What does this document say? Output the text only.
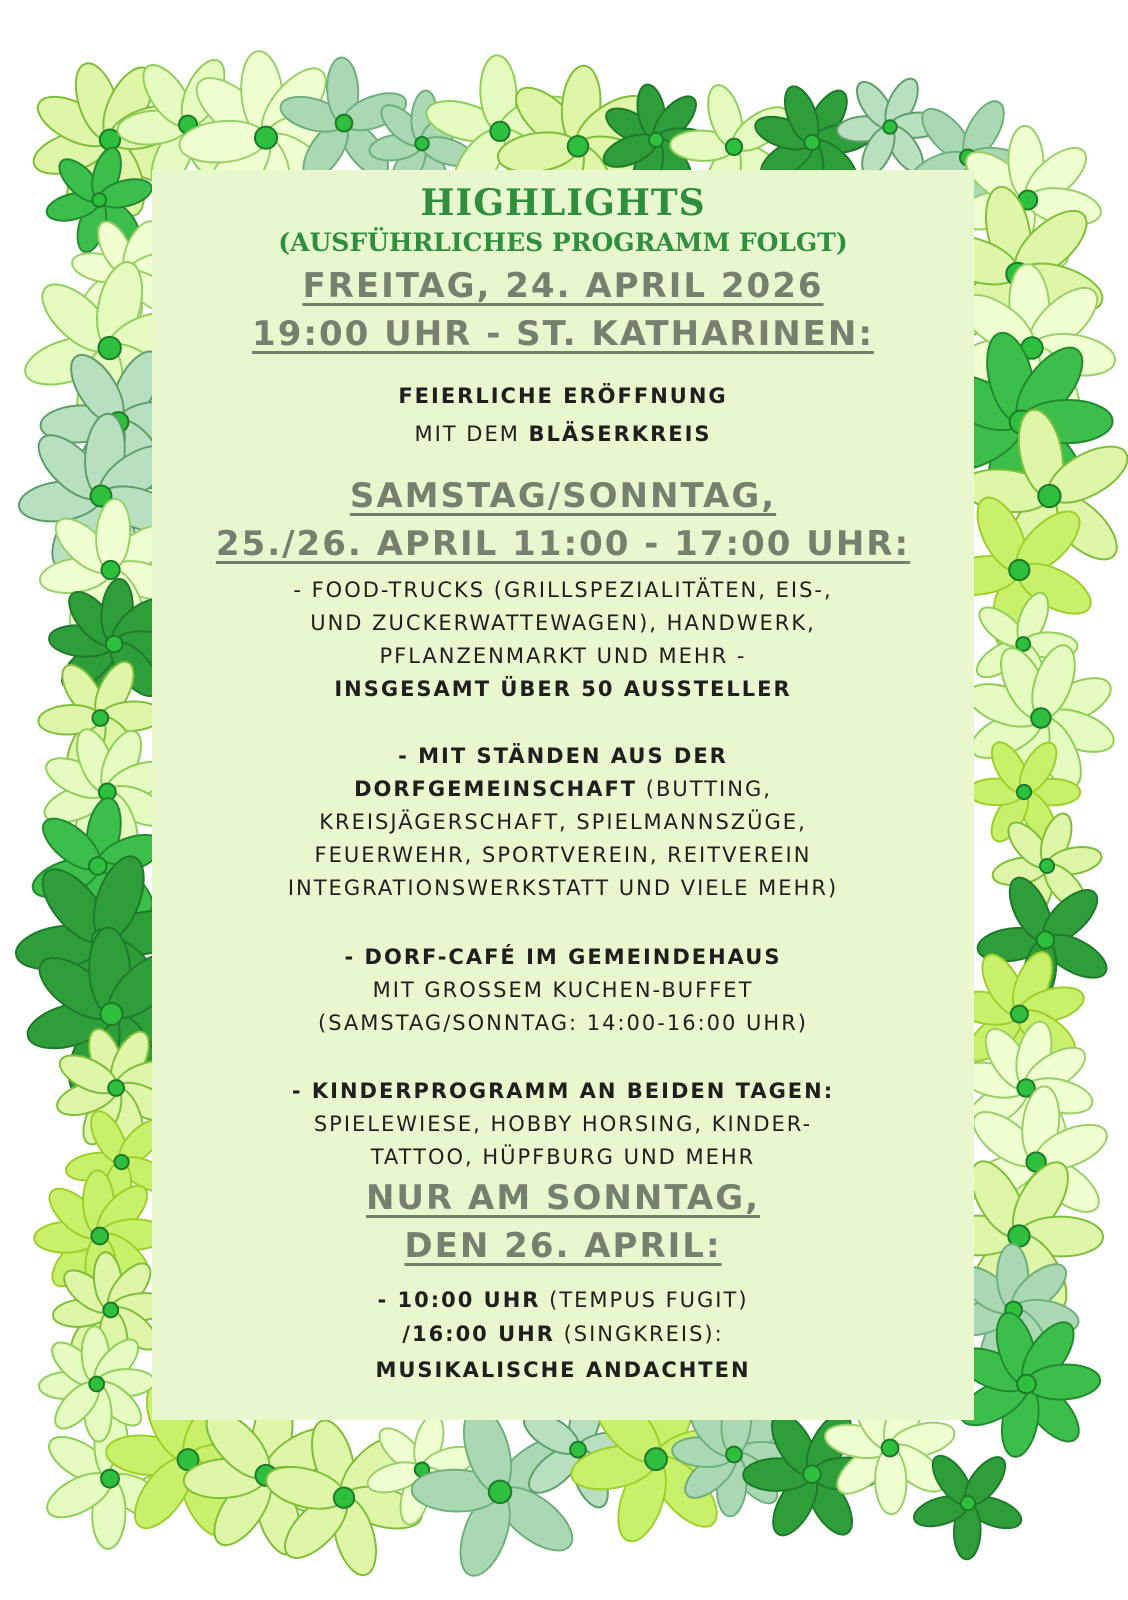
HIGHLIGHTS
(AUSFÜHRLICHES PROGRAMM FOLGT)
FREITAG, 24. APRIL 2026
19:00 UHR - ST. KATHARINEN:
FEIERLICHE ERÖFFNUNG
MIT DEM BLÄSERKREIS
SAMSTAG/SONNTAG,
25./26. APRIL 11:00 - 17:00 UHR:
- FOOD-TRUCKS (GRILLSPEZIALITÄTEN, EIS-,
UND ZUCKERWATTEWAGEN), HANDWERK,
PFLANZENMARKT UND MEHR -
INSGESAMT ÜBER 50 AUSSTELLER
- MIT STÄNDEN AUS DER
DORFGEMEINSCHAFT (BUTTING,
KREISJÄGERSCHAFT, SPIELMANNSZÜGE,
FEUERWEHR, SPORTVEREIN, REITVEREIN
INTEGRATIONSWERKSTATT UND VIELE MEHR)
- DORF-CAFÉ IM GEMEINDEHAUS
MIT GROSSEM KUCHEN-BUFFET
(SAMSTAG/SONNTAG: 14:00-16:00 UHR)
- KINDERPROGRAMM AN BEIDEN TAGEN:
SPIELEWIESE, HOBBY HORSING, KINDER-
TATTOO, HÜPFBURG UND MEHR
NUR AM SONNTAG,
DEN 26. APRIL:
- 10:00 UHR (TEMPUS FUGIT)
/16:00 UHR (SINGKREIS):
MUSIKALISCHE ANDACHTEN
